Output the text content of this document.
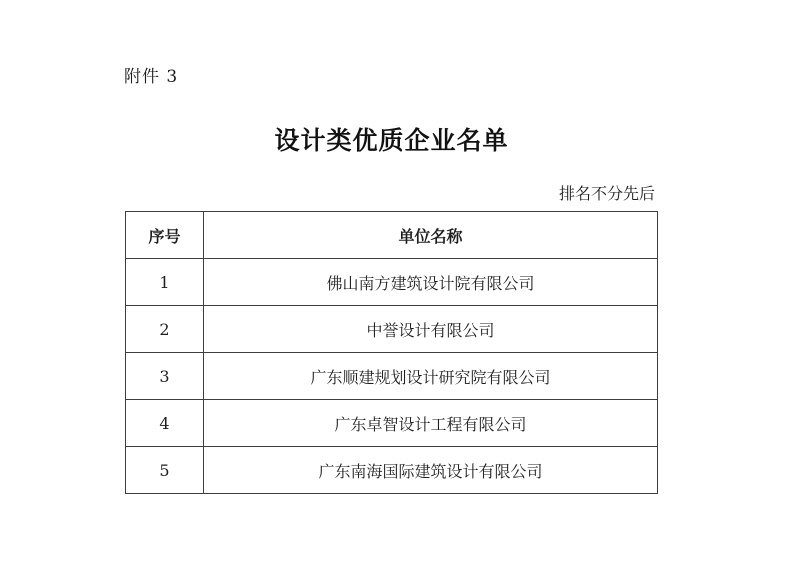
附件 3
设计类优质企业名单
排名不分先后
序号	单位名称
1	佛山南方建筑设计院有限公司
2	中誉设计有限公司
3	广东顺建规划设计研究院有限公司
4	广东卓智设计工程有限公司
5	广东南海国际建筑设计有限公司
